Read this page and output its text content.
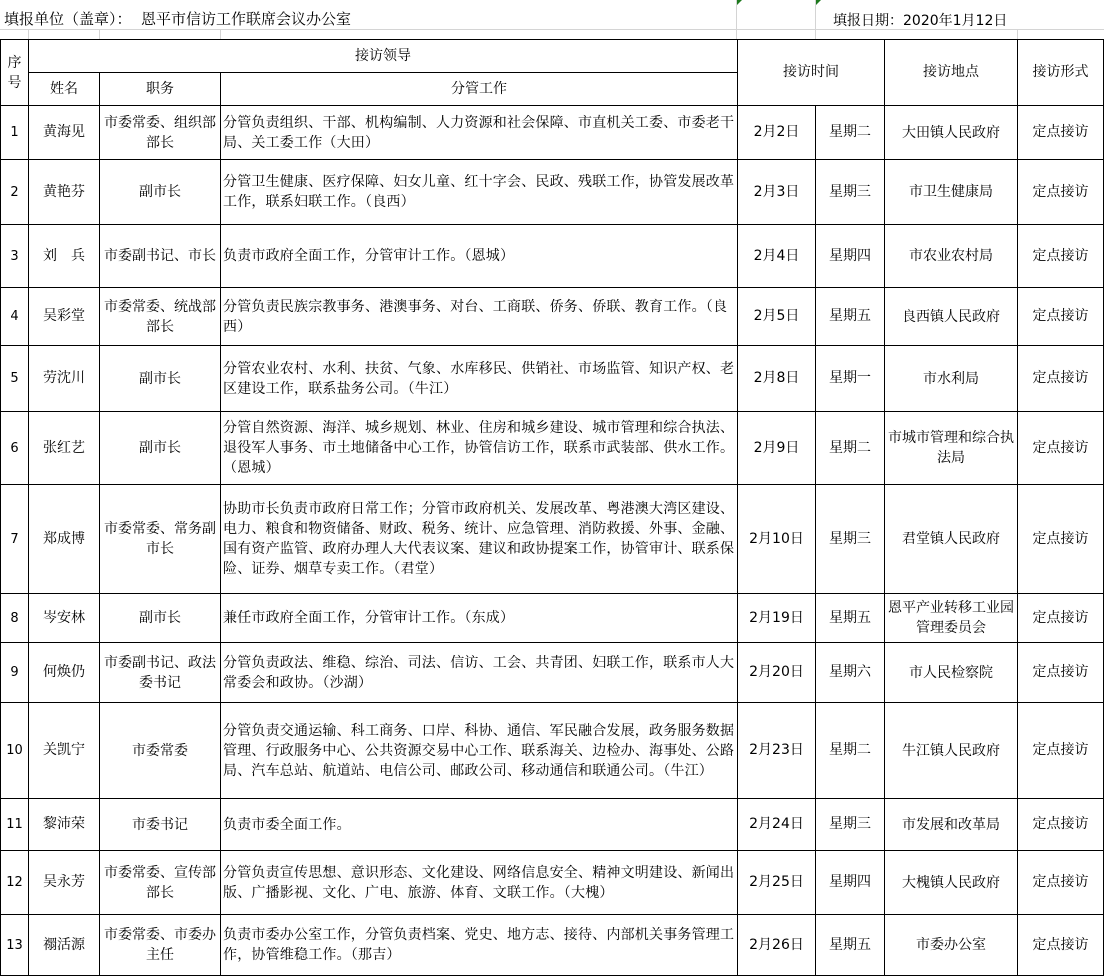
填报单位（盖章）：  恩平市信访工作联席会议办公室	填报日期：2020年1月12日
序号	接访领导			接访时间		接访地点	接访形式
	姓名	职务	分管工作				
1	黄海见	市委常委、组织部部长	分管负责组织、干部、机构编制、人力资源和社会保障、市直机关工委、市委老干局、关工委工作（大田）	2月2日	星期二	大田镇人民政府	定点接访
2	黄艳芬	副市长	分管卫生健康、医疗保障、妇女儿童、红十字会、民政、残联工作，协管发展改革工作，联系妇联工作。（良西）	2月3日	星期三	市卫生健康局	定点接访
3	刘　兵	市委副书记、市长	负责市政府全面工作，分管审计工作。（恩城）	2月4日	星期四	市农业农村局	定点接访
4	吴彩堂	市委常委、统战部部长	分管负责民族宗教事务、港澳事务、对台、工商联、侨务、侨联、教育工作。（良西）	2月5日	星期五	良西镇人民政府	定点接访
5	劳沈川	副市长	分管农业农村、水利、扶贫、气象、水库移民、供销社、市场监管、知识产权、老区建设工作，联系盐务公司。（牛江）	2月8日	星期一	市水利局	定点接访
6	张红艺	副市长	分管自然资源、海洋、城乡规划、林业、住房和城乡建设、城市管理和综合执法、退役军人事务、市土地储备中心工作，协管信访工作，联系市武装部、供水工作。（恩城）	2月9日	星期二	市城市管理和综合执法局	定点接访
7	郑成博	市委常委、常务副市长	协助市长负责市政府日常工作；分管市政府机关、发展改革、粤港澳大湾区建设、电力、粮食和物资储备、财政、税务、统计、应急管理、消防救援、外事、金融、国有资产监管、政府办理人大代表议案、建议和政协提案工作，协管审计、联系保险、证券、烟草专卖工作。（君堂）	2月10日	星期三	君堂镇人民政府	定点接访
8	岑安林	副市长	兼任市政府全面工作，分管审计工作。（东成）	2月19日	星期五	恩平产业转移工业园管理委员会	定点接访
9	何焕仍	市委副书记、政法委书记	分管负责政法、维稳、综治、司法、信访、工会、共青团、妇联工作，联系市人大常委会和政协。（沙湖）	2月20日	星期六	市人民检察院	定点接访
10	关凯宁	市委常委	分管负责交通运输、科工商务、口岸、科协、通信、军民融合发展，政务服务数据管理、行政服务中心、公共资源交易中心工作、联系海关、边检办、海事处、公路局、汽车总站、航道站、电信公司、邮政公司、移动通信和联通公司。（牛江）	2月23日	星期二	牛江镇人民政府	定点接访
11	黎沛荣	市委书记	负责市委全面工作。	2月24日	星期三	市发展和改革局	定点接访
12	吴永芳	市委常委、宣传部部长	分管负责宣传思想、意识形态、文化建设、网络信息安全、精神文明建设、新闻出版、广播影视、文化、广电、旅游、体育、文联工作。（大槐）	2月25日	星期四	大槐镇人民政府	定点接访
13	禤活源	市委常委、市委办主任	负责市委办公室工作，分管负责档案、党史、地方志、接待、内部机关事务管理工作，协管维稳工作。（那吉）	2月26日	星期五	市委办公室	定点接访
